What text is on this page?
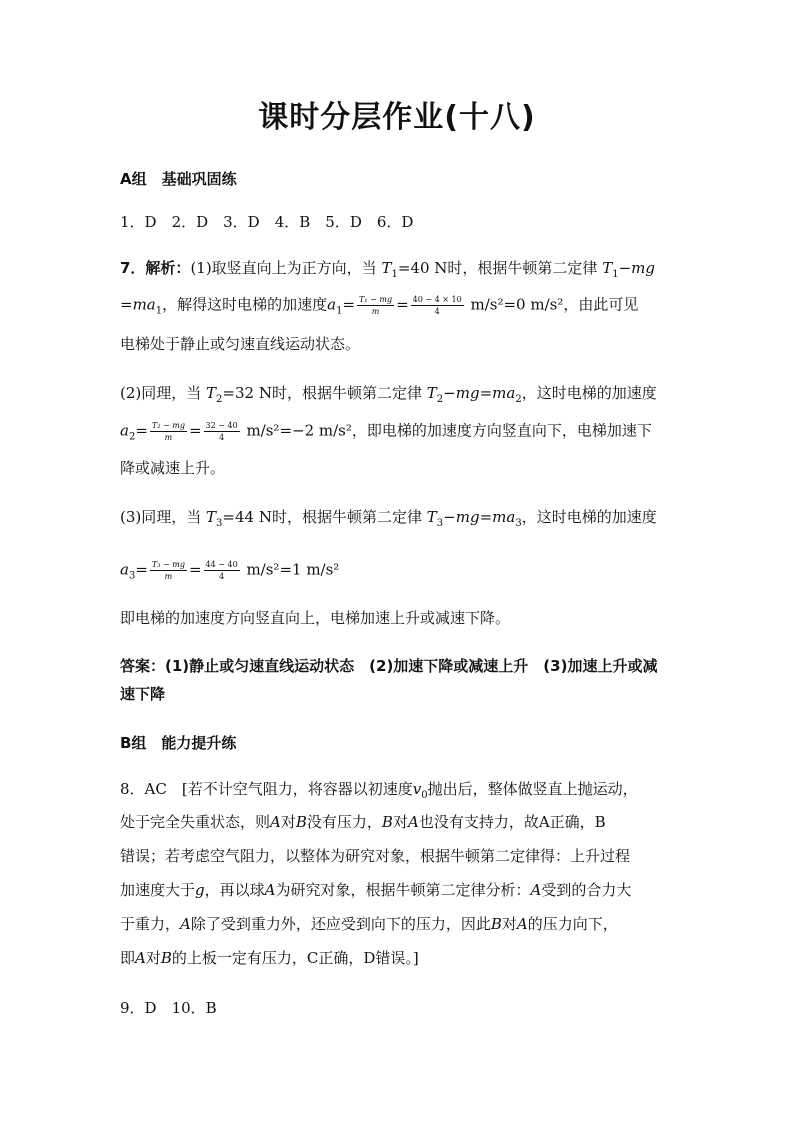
课时分层作业(十八)
A组　基础巩固练
1．D　2．D　3．D　4．B　5．D　6．D
7．解析：(1)取竖直向上为正方向，当 $T_1=40$ N时，根据牛顿第二定律 $T_1-mg$
$=ma_1$，解得这时电梯的加速度$a_1= \frac{\text{T₁ − mg}}{m} = \frac{40 - 4 \times 10}{4} m/s^2=0$ m/s²，由此可见
电梯处于静止或匀速直线运动状态。
(2)同理，当 $T_2=32$ N时，根据牛顿第二定律 $T_2-mg=ma_2$，这时电梯的加速度
$a_2= \frac{\text{T₂ − mg}}{m} = \frac{32 - 40}{4} m/s^2=-2$ m/s²，即电梯的加速度方向竖直向下，电梯加速下
降或减速上升。
(3)同理，当 $T_3=44$ N时，根据牛顿第二定律 $T_3-mg=ma_3$，这时电梯的加速度
$a_3= \frac{\text{T₃ − mg}}{m} = \frac{44 - 40}{4} m/s^2=1$ m/s²
即电梯的加速度方向竖直向上，电梯加速上升或减速下降。
答案：(1)静止或匀速直线运动状态　(2)加速下降或减速上升　(3)加速上升或减
速下降
B组　能力提升练
8．AC　[若不计空气阻力，将容器以初速度$v_0$抛出后，整体做竖直上抛运动，
处于完全失重状态，则A对B没有压力，B对A也没有支持力，故A正确，B
错误；若考虑空气阻力，以整体为研究对象，根据牛顿第二定律得：上升过程
加速度大于g，再以球A为研究对象，根据牛顿第二定律分析：A受到的合力大
于重力，A除了受到重力外，还应受到向下的压力，因此B对A的压力向下，
即A对B的上板一定有压力，C正确，D错误。]
9．D　10．B
